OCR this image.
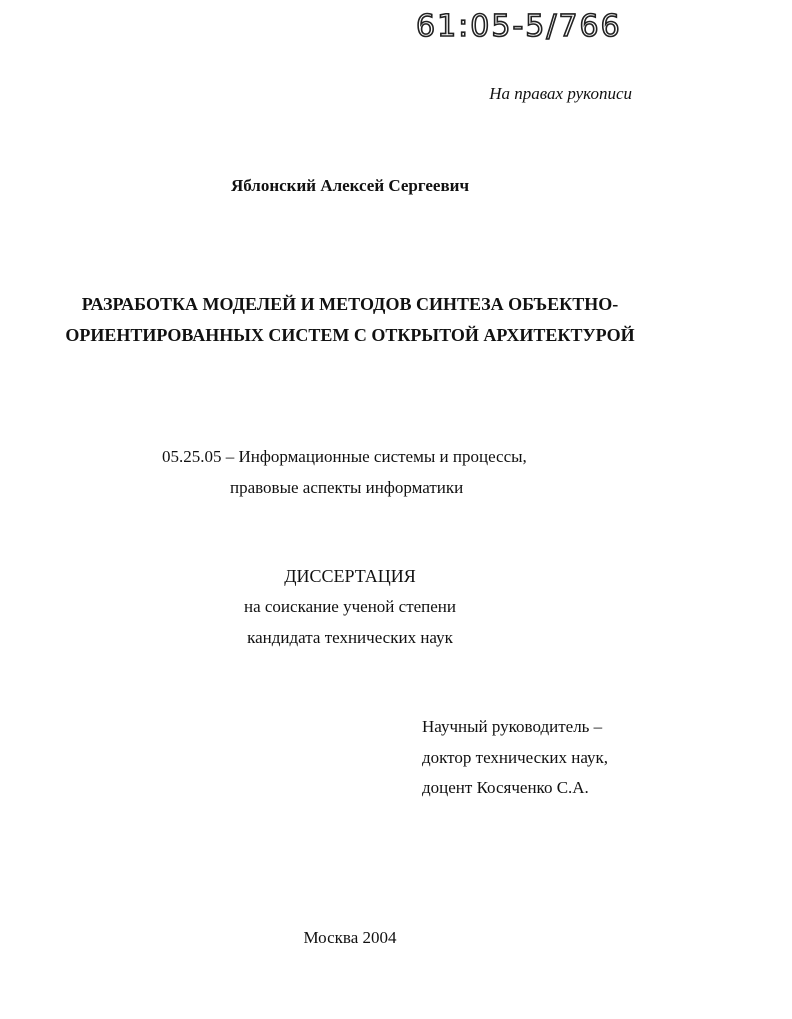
61:05-5/766
На правах рукописи
Яблонский Алексей Сергеевич
РАЗРАБОТКА МОДЕЛЕЙ И МЕТОДОВ СИНТЕЗА ОБЪЕКТНО-
ОРИЕНТИРОВАННЫХ СИСТЕМ С ОТКРЫТОЙ АРХИТЕКТУРОЙ
05.25.05 – Информационные системы и процессы,
правовые аспекты информатики
ДИССЕРТАЦИЯ
на соискание ученой степени
кандидата технических наук
Научный руководитель –
доктор технических наук,
доцент Косяченко С.А.
Москва 2004
